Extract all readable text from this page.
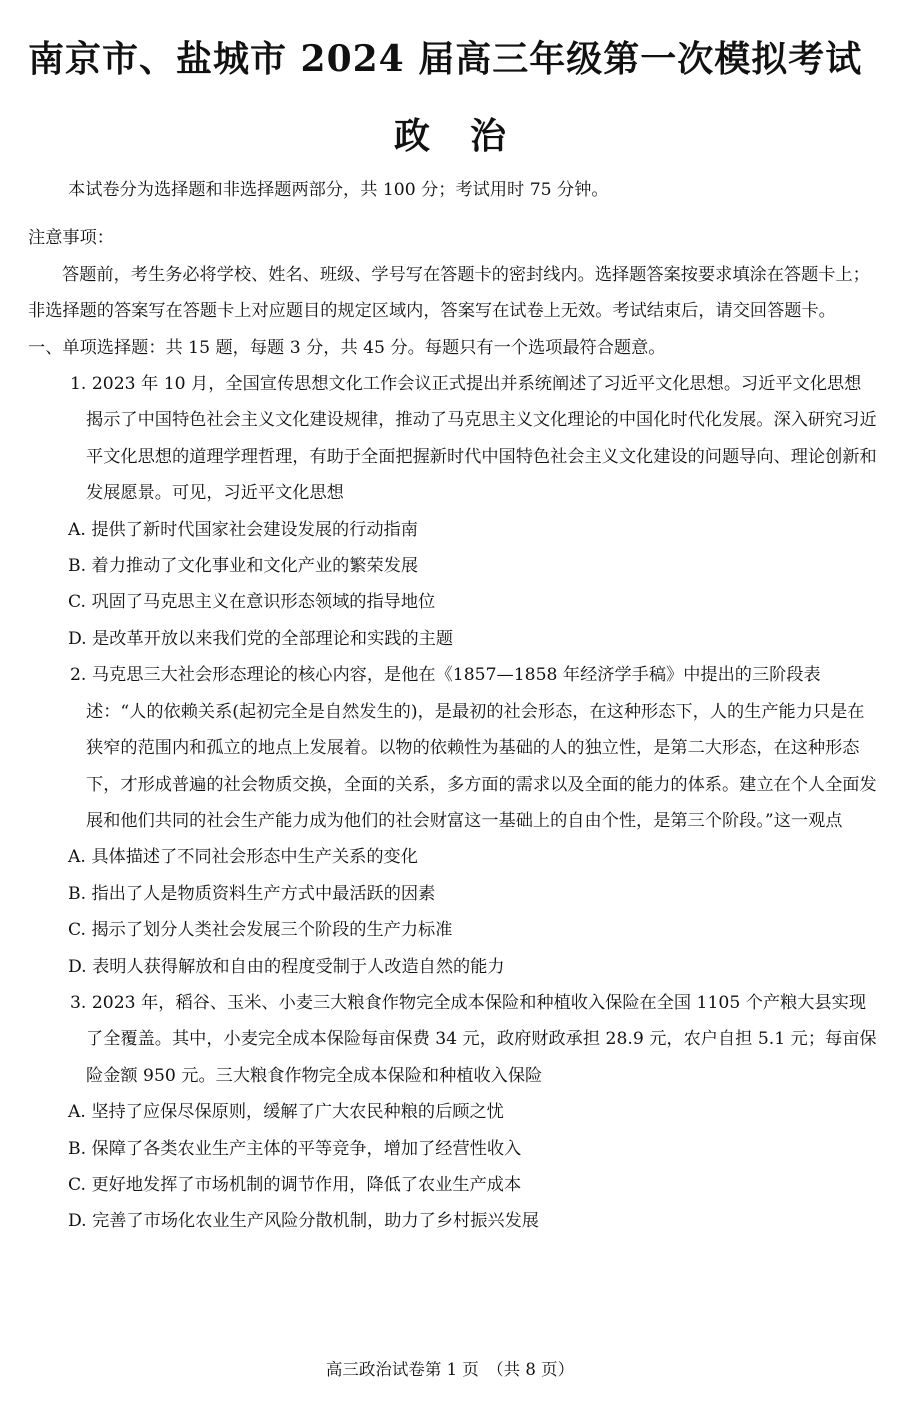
南京市、盐城市 2024 届高三年级第一次模拟考试
政治

本试卷分为选择题和非选择题两部分，共 100 分；考试用时 75 分钟。

注意事项：

答题前，考生务必将学校、姓名、班级、学号写在答题卡的密封线内。选择题答案按要求填涂在答题卡上；非选择题的答案写在答题卡上对应题目的规定区域内，答案写在试卷上无效。考试结束后，请交回答题卡。

一、单项选择题：共 15 题，每题 3 分，共 45 分。每题只有一个选项最符合题意。

1. 2023 年 10 月，全国宣传思想文化工作会议正式提出并系统阐述了习近平文化思想。习近平文化思想揭示了中国特色社会主义文化建设规律，推动了马克思主义文化理论的中国化时代化发展。深入研究习近平文化思想的道理学理哲理，有助于全面把握新时代中国特色社会主义文化建设的问题导向、理论创新和发展愿景。可见，习近平文化思想

A. 提供了新时代国家社会建设发展的行动指南

B. 着力推动了文化事业和文化产业的繁荣发展

C. 巩固了马克思主义在意识形态领域的指导地位

D. 是改革开放以来我们党的全部理论和实践的主题

2. 马克思三大社会形态理论的核心内容，是他在《1857—1858 年经济学手稿》中提出的三阶段表述：“人的依赖关系(起初完全是自然发生的)，是最初的社会形态，在这种形态下，人的生产能力只是在狭窄的范围内和孤立的地点上发展着。以物的依赖性为基础的人的独立性，是第二大形态，在这种形态下，才形成普遍的社会物质交换，全面的关系，多方面的需求以及全面的能力的体系。建立在个人全面发展和他们共同的社会生产能力成为他们的社会财富这一基础上的自由个性，是第三个阶段。”这一观点

A. 具体描述了不同社会形态中生产关系的变化

B. 指出了人是物质资料生产方式中最活跃的因素

C. 揭示了划分人类社会发展三个阶段的生产力标准

D. 表明人获得解放和自由的程度受制于人改造自然的能力

3. 2023 年，稻谷、玉米、小麦三大粮食作物完全成本保险和种植收入保险在全国 1105 个产粮大县实现了全覆盖。其中，小麦完全成本保险每亩保费 34 元，政府财政承担 28.9 元，农户自担 5.1 元；每亩保险金额 950 元。三大粮食作物完全成本保险和种植收入保险

A. 坚持了应保尽保原则，缓解了广大农民种粮的后顾之忧

B. 保障了各类农业生产主体的平等竞争，增加了经营性收入

C. 更好地发挥了市场机制的调节作用，降低了农业生产成本

D. 完善了市场化农业生产风险分散机制，助力了乡村振兴发展

高三政治试卷第 1 页　（共 8 页）
